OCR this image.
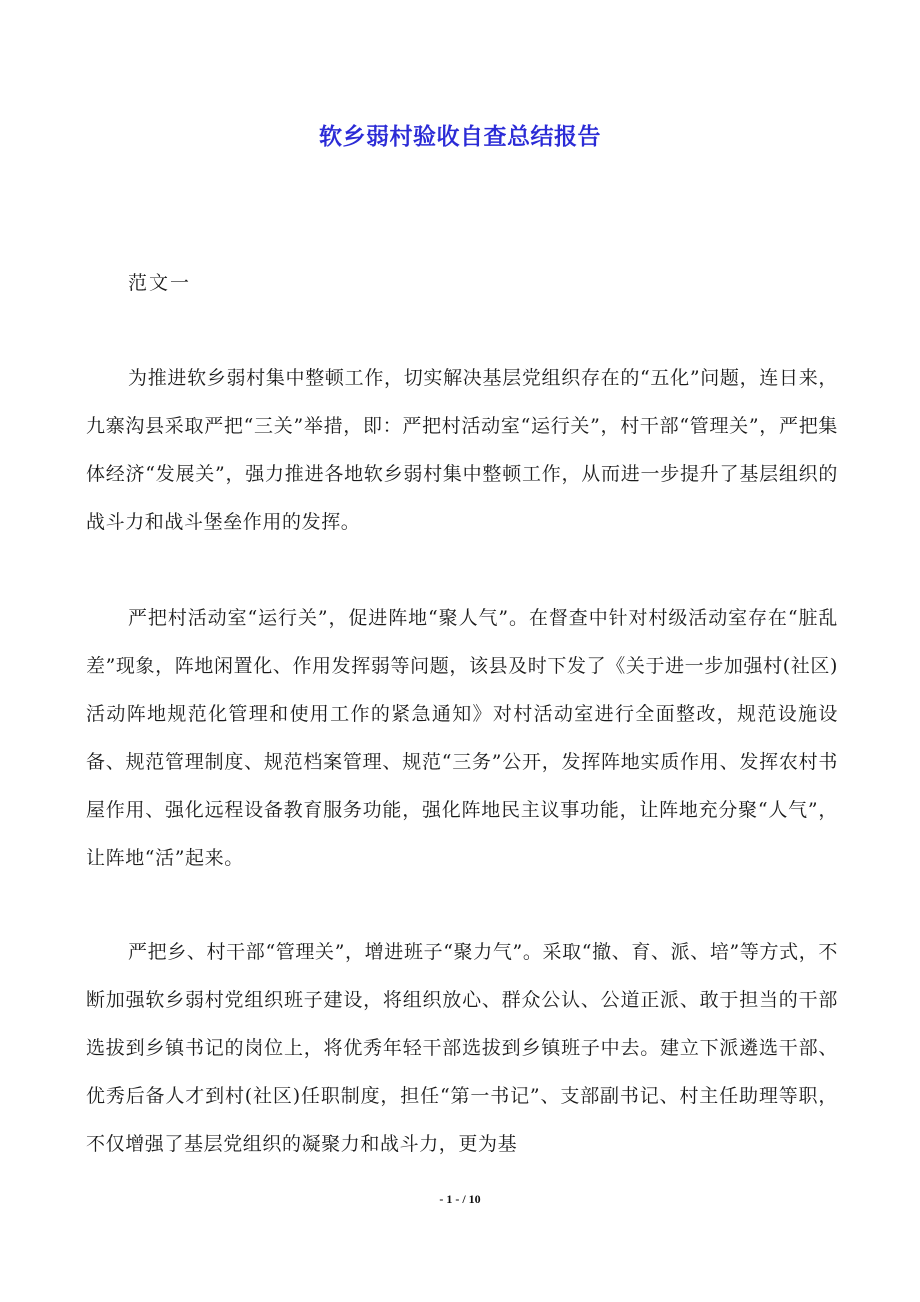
软乡弱村验收自查总结报告
范文一

为推进软乡弱村集中整顿工作，切实解决基层党组织存在的“五化”问题，连日来，九寨沟县采取严把“三关”举措，即：严把村活动室“运行关”，村干部“管理关”，严把集体经济“发展关”，强力推进各地软乡弱村集中整顿工作，从而进一步提升了基层组织的战斗力和战斗堡垒作用的发挥。

严把村活动室“运行关”，促进阵地“聚人气”。在督查中针对村级活动室存在“脏乱差”现象，阵地闲置化、作用发挥弱等问题，该县及时下发了《关于进一步加强村(社区)活动阵地规范化管理和使用工作的紧急通知》对村活动室进行全面整改，规范设施设备、规范管理制度、规范档案管理、规范“三务”公开，发挥阵地实质作用、发挥农村书屋作用、强化远程设备教育服务功能，强化阵地民主议事功能，让阵地充分聚“人气”，让阵地“活”起来。

严把乡、村干部“管理关”，增进班子“聚力气”。采取“撤、育、派、培”等方式，不断加强软乡弱村党组织班子建设，将组织放心、群众公认、公道正派、敢于担当的干部选拔到乡镇书记的岗位上，将优秀年轻干部选拔到乡镇班子中去。建立下派遴选干部、优秀后备人才到村(社区)任职制度，担任“第一书记”、支部副书记、村主任助理等职，不仅增强了基层党组织的凝聚力和战斗力，更为基

- 1 - / 10
